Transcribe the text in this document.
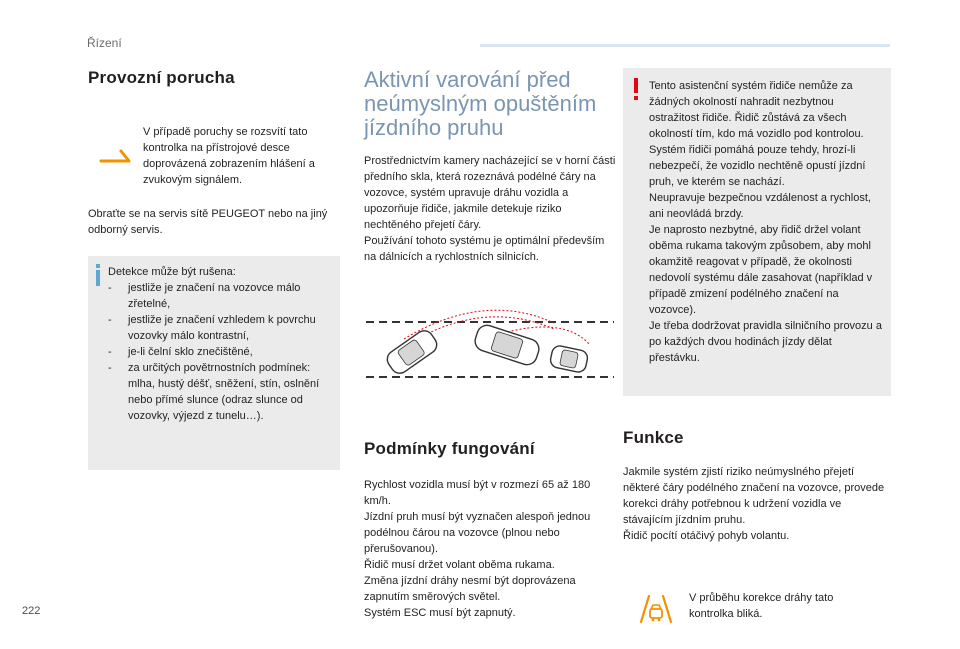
Řízení
222
Provozní porucha
V případě poruchy se rozsvítí tato kontrolka na přístrojové desce doprovázená zobrazením hlášení a zvukovým signálem.

Obraťte se na servis sítě PEUGEOT nebo na jiný odborný servis.

Detekce může být rušena:
- jestliže je značení na vozovce málo zřetelné,
- jestliže je značení vzhledem k povrchu vozovky málo kontrastní,
- je-li čelní sklo znečištěné,
- za určitých povětrnostních podmínek: mlha, hustý déšť, sněžení, stín, oslnění nebo přímé slunce (odraz slunce od vozovky, výjezd z tunelu…).
Aktivní varování před
neúmyslným opuštěním
jízdního pruhu

Prostřednictvím kamery nacházející se v horní části předního skla, která rozeznává podélné čáry na vozovce, systém upravuje dráhu vozidla a upozorňuje řidiče, jakmile detekuje riziko nechtěného přejetí čáry.

Používání tohoto systému je optimální především na dálnicích a rychlostních silnicích.

Podmínky fungování

Rychlost vozidla musí být v rozmezí 65 až 180 km/h.

Jízdní pruh musí být vyznačen alespoň jednou podélnou čárou na vozovce (plnou nebo přerušovanou).

Řidič musí držet volant oběma rukama.

Změna jízdní dráhy nesmí být doprovázena zapnutím směrových světel.

Systém ESC musí být zapnutý.

Tento asistenční systém řidiče nemůže za žádných okolností nahradit nezbytnou ostražitost řidiče. Řidič zůstává za všech okolností tím, kdo má vozidlo pod kontrolou.

Systém řidiči pomáhá pouze tehdy, hrozí-li nebezpečí, že vozidlo nechtěně opustí jízdní pruh, ve kterém se nachází.

Neupravuje bezpečnou vzdálenost a rychlost, ani neovládá brzdy.

Je naprosto nezbytné, aby řidič držel volant oběma rukama takovým způsobem, aby mohl okamžitě reagovat v případě, že okolnosti nedovolí systému dále zasahovat (například v případě zmizení podélného značení na vozovce).

Je třeba dodržovat pravidla silničního provozu a po každých dvou hodinách jízdy dělat přestávku.

Funkce

Jakmile systém zjistí riziko neúmyslného přejetí některé čáry podélného značení na vozovce, provede korekci dráhy potřebnou k udržení vozidla ve stávajícím jízdním pruhu.

Řidič pocítí otáčivý pohyb volantu.

V průběhu korekce dráhy tato kontrolka bliká.
